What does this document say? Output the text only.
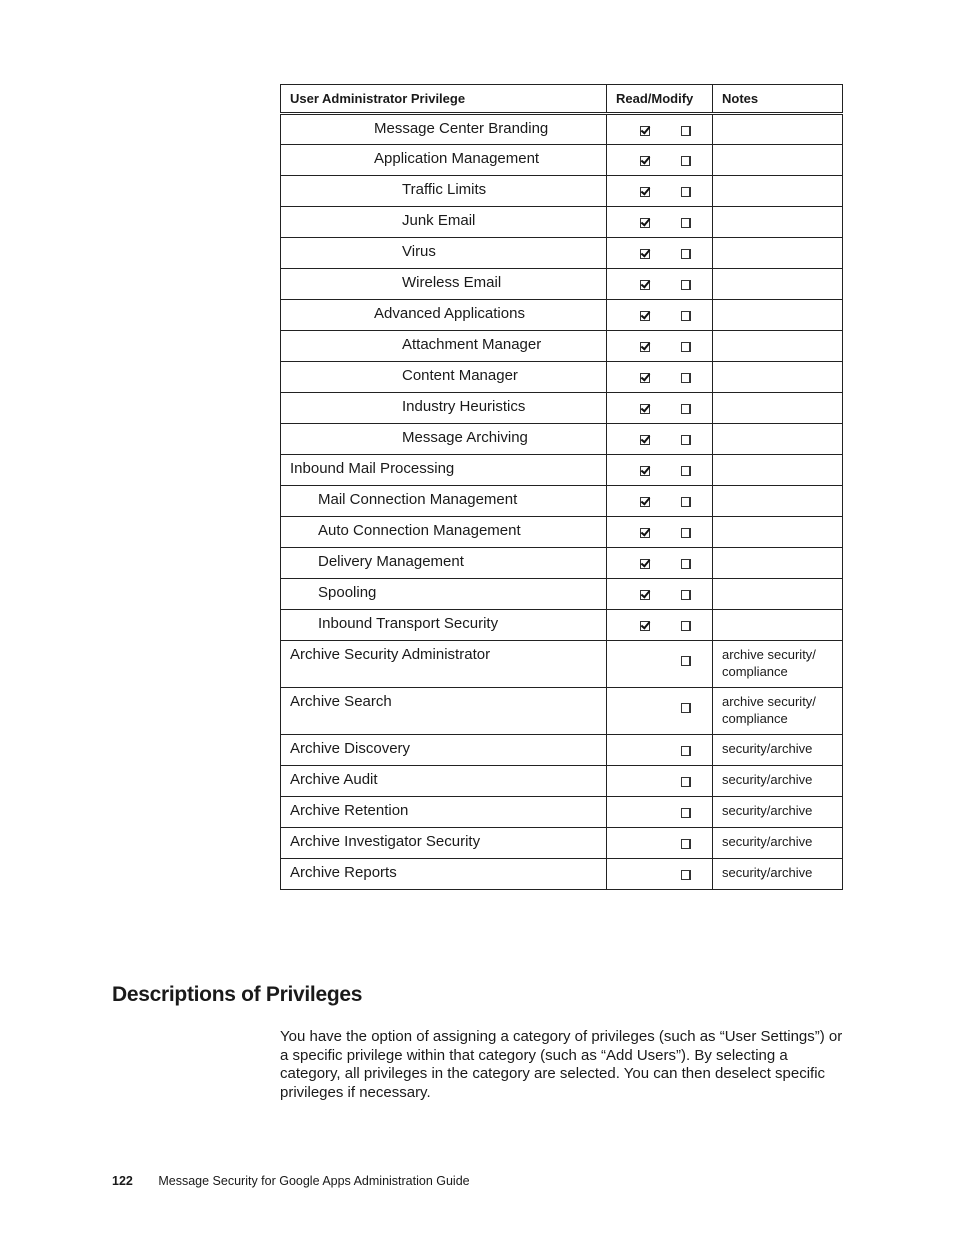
User Administrator Privilege	Read/Modify	Notes
Message Center Branding	

Application Management	

Traffic Limits	

Junk Email	

Virus	

Wireless Email	

Advanced Applications	

Attachment Manager	

Content Manager	

Industry Heuristics	

Message Archiving	

Inbound Mail Processing	

Mail Connection Management	

Auto Connection Management	

Delivery Management	

Spooling	

Inbound Transport Security	

Archive Security Administrator		archive security/ compliance
Archive Search		archive security/ compliance
Archive Discovery		security/archive
Archive Audit		security/archive
Archive Retention		security/archive
Archive Investigator Security		security/archive
Archive Reports		security/archive
Descriptions of Privileges

You have the option of assigning a category of privileges (such as “User Settings”) or a specific privilege within that category (such as “Add Users”). By selecting a category, all privileges in the category are selected. You can then deselect specific privileges if necessary.

122 Message Security for Google Apps Administration Guide
